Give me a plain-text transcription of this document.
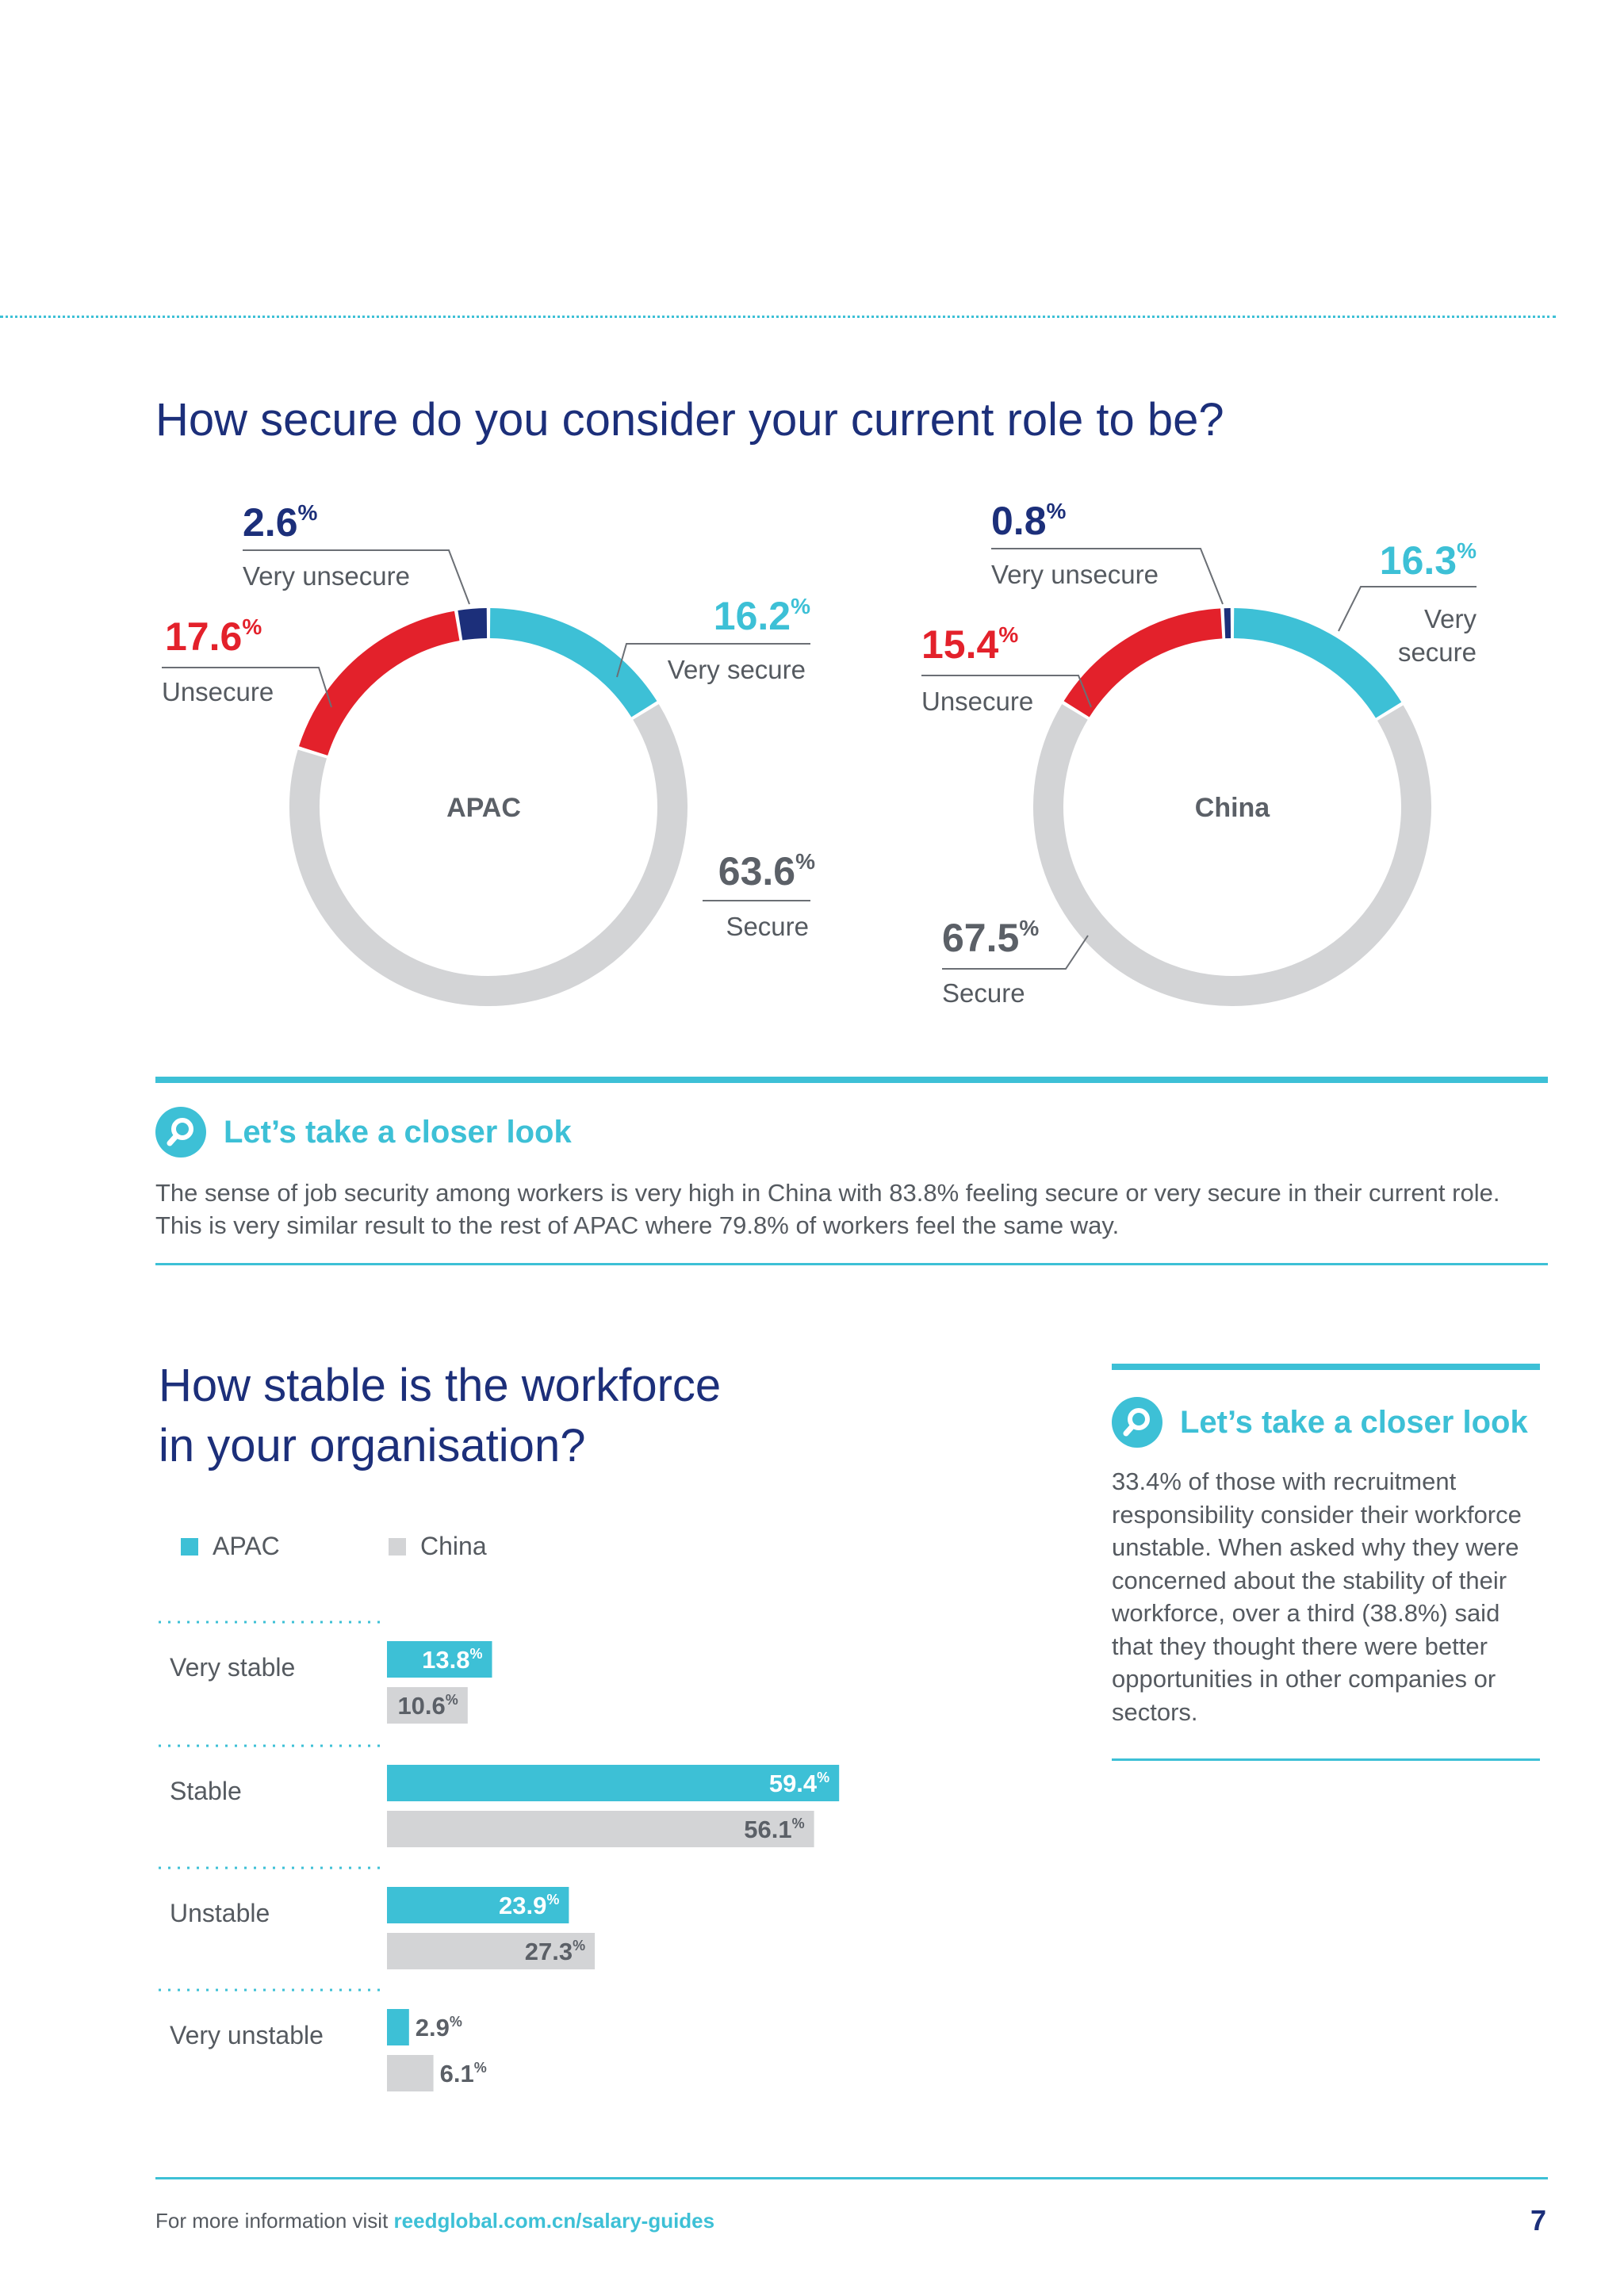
How secure do you consider your current role to be?
16.2%
Very secure
63.6%
Secure
17.6%
Unsecure
2.6%
Very unsecure
APAC
16.3%
Very
secure
67.5%
Secure
15.4%
Unsecure
0.8%
Very unsecure
China
Let’s take a closer look

The sense of job security among workers is very high in China with 83.8% feeling secure or very secure in their current role. This is very similar result to the rest of APAC where 79.8% of workers feel the same way.

How stable is the workforce
in your organisation?	Let’s take a closer look

33.4% of those with recruitment responsibility consider their workforce unstable. When asked why they were concerned about the stability of their workforce, over a third (38.8%) said that they thought there were better opportunities in other companies or sectors.

APAC	China
Very stable	13.8%
10.6%
Stable	59.4%
56.1%
Unstable	23.9%
27.3%
Very unstable	2.9%
6.1%
For more information visit reedglobal.com.cn/salary-guides	7
